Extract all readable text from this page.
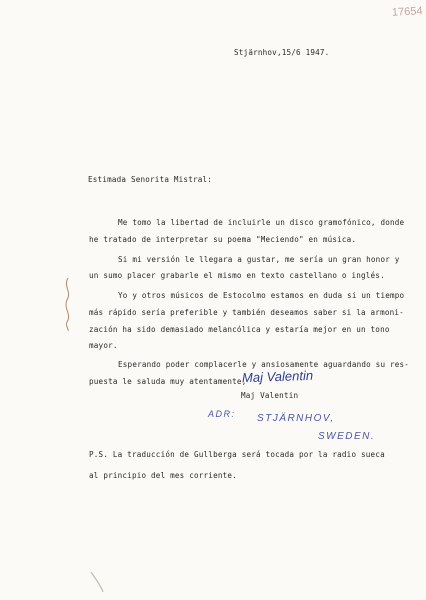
17654
Stjärnhov,15/6 1947.
Estimada Senorita Mistral:
Me tomo la libertad de incluirle un disco gramofónico, donde
he tratado de interpretar su poema "Meciendo" en música.
Si mi versión le llegara a gustar, me sería un gran honor y
un sumo placer grabarle el mismo en texto castellano o inglés.
Yo y otros músicos de Estocolmo estamos en duda si un tiempo
más rápido sería preferible y también deseamos saber si la armoni-
zación ha sido demasiado melancólica y estaría mejor en un tono
mayor.
Esperando poder complacerle y ansiosamente aguardando su res-
puesta le saluda muy atentamente,
Maj Valentin
Maj Valentin
ADR: STJÄRNHOV,
SWEDEN.
P.S. La traducción de Gullberga será tocada por la radio sueca
al principio del mes corriente.
